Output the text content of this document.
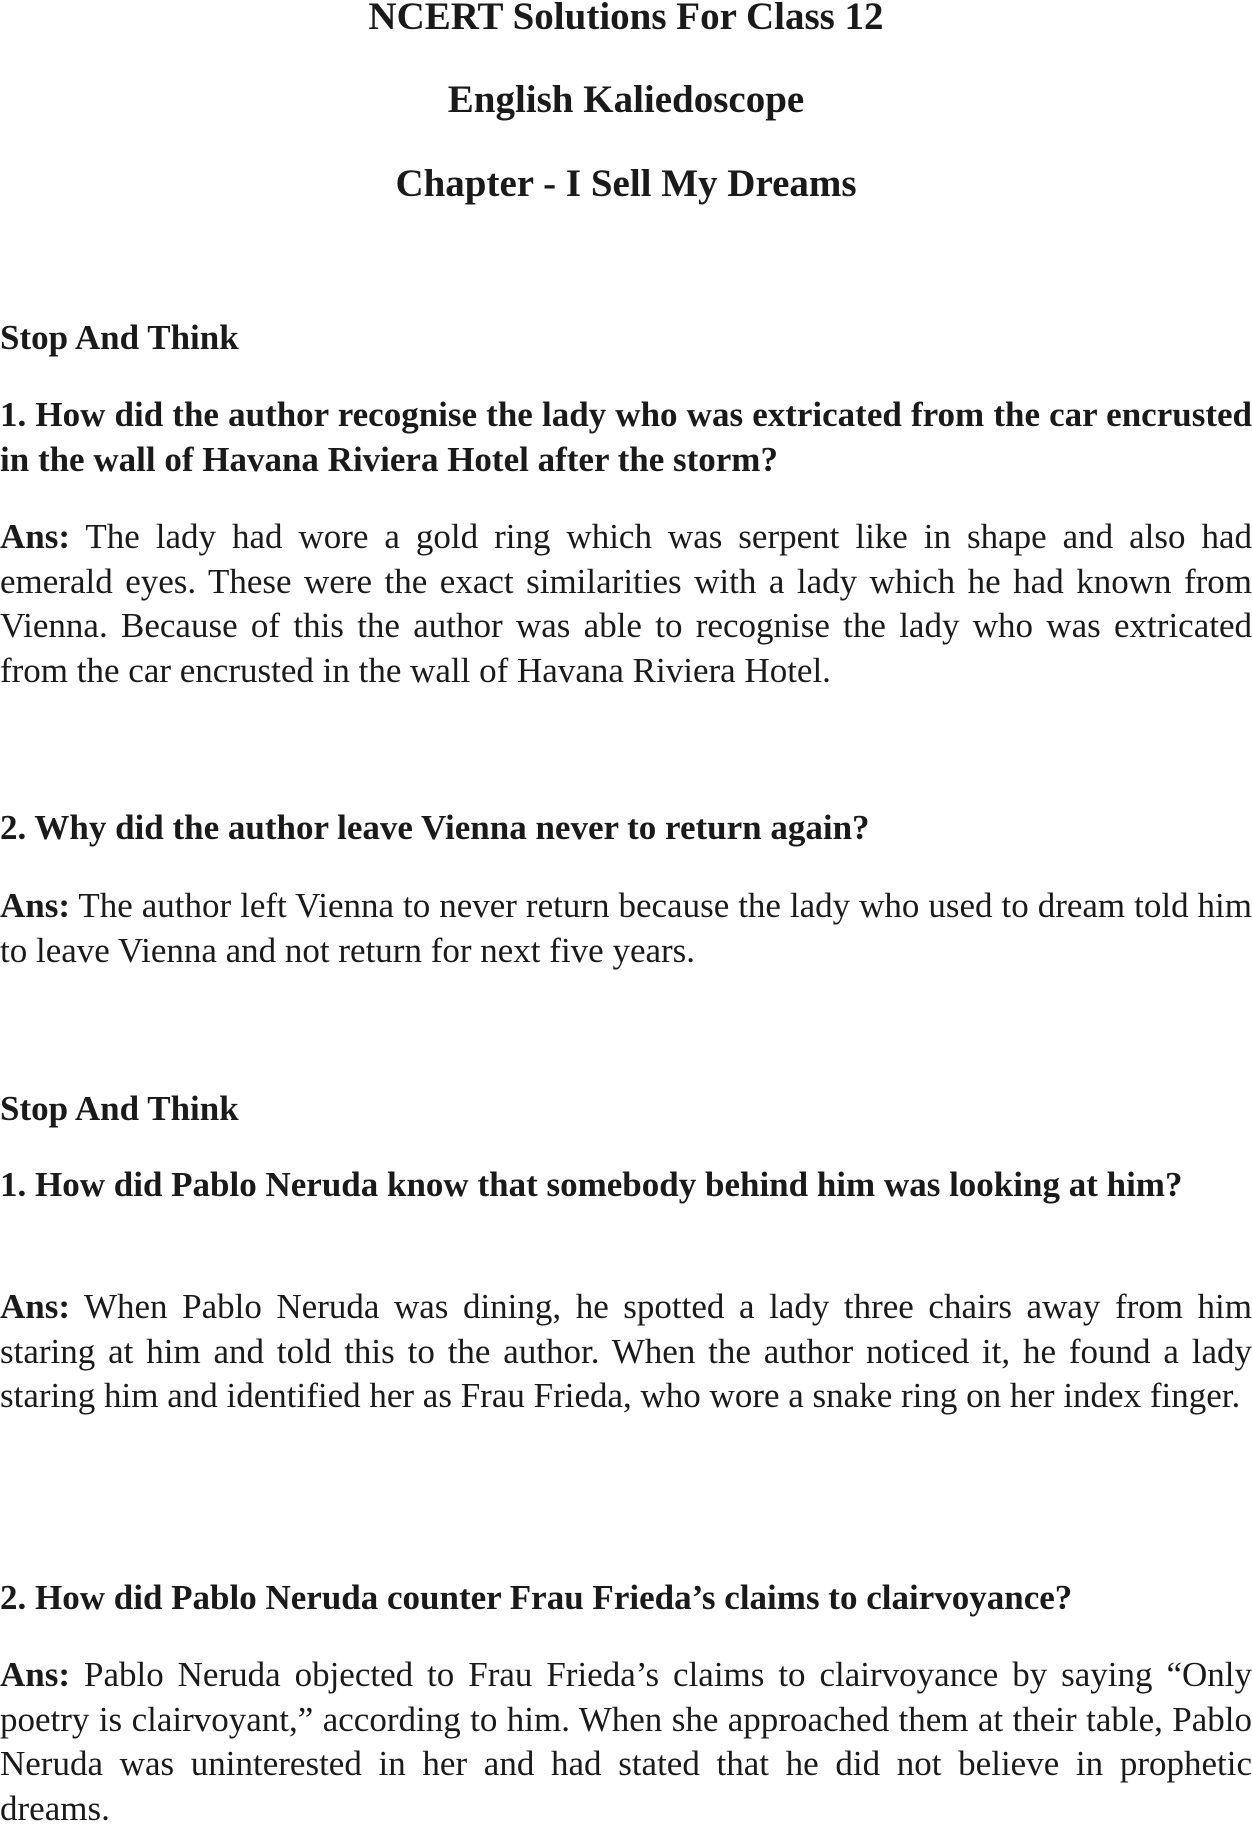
NCERT Solutions For Class 12
English Kaliedoscope
Chapter - I Sell My Dreams
Stop And Think

1. How did the author recognise the lady who was extricated from the car encrusted in the wall of Havana Riviera Hotel after the storm?

Ans: The lady had wore a gold ring which was serpent like in shape and also had emerald eyes. These were the exact similarities with a lady which he had known from Vienna. Because of this the author was able to recognise the lady who was extricated from the car encrusted in the wall of Havana Riviera Hotel.

2. Why did the author leave Vienna never to return again?

Ans: The author left Vienna to never return because the lady who used to dream told him to leave Vienna and not return for next five years.

Stop And Think

1. How did Pablo Neruda know that somebody behind him was looking at him?

Ans: When Pablo Neruda was dining, he spotted a lady three chairs away from him staring at him and told this to the author. When the author noticed it, he found a lady staring him and identified her as Frau Frieda, who wore a snake ring on her index finger.

2. How did Pablo Neruda counter Frau Frieda’s claims to clairvoyance?

Ans: Pablo Neruda objected to Frau Frieda’s claims to clairvoyance by saying “Only poetry is clairvoyant,” according to him. When she approached them at their table, Pablo Neruda was uninterested in her and had stated that he did not believe in prophetic dreams.
